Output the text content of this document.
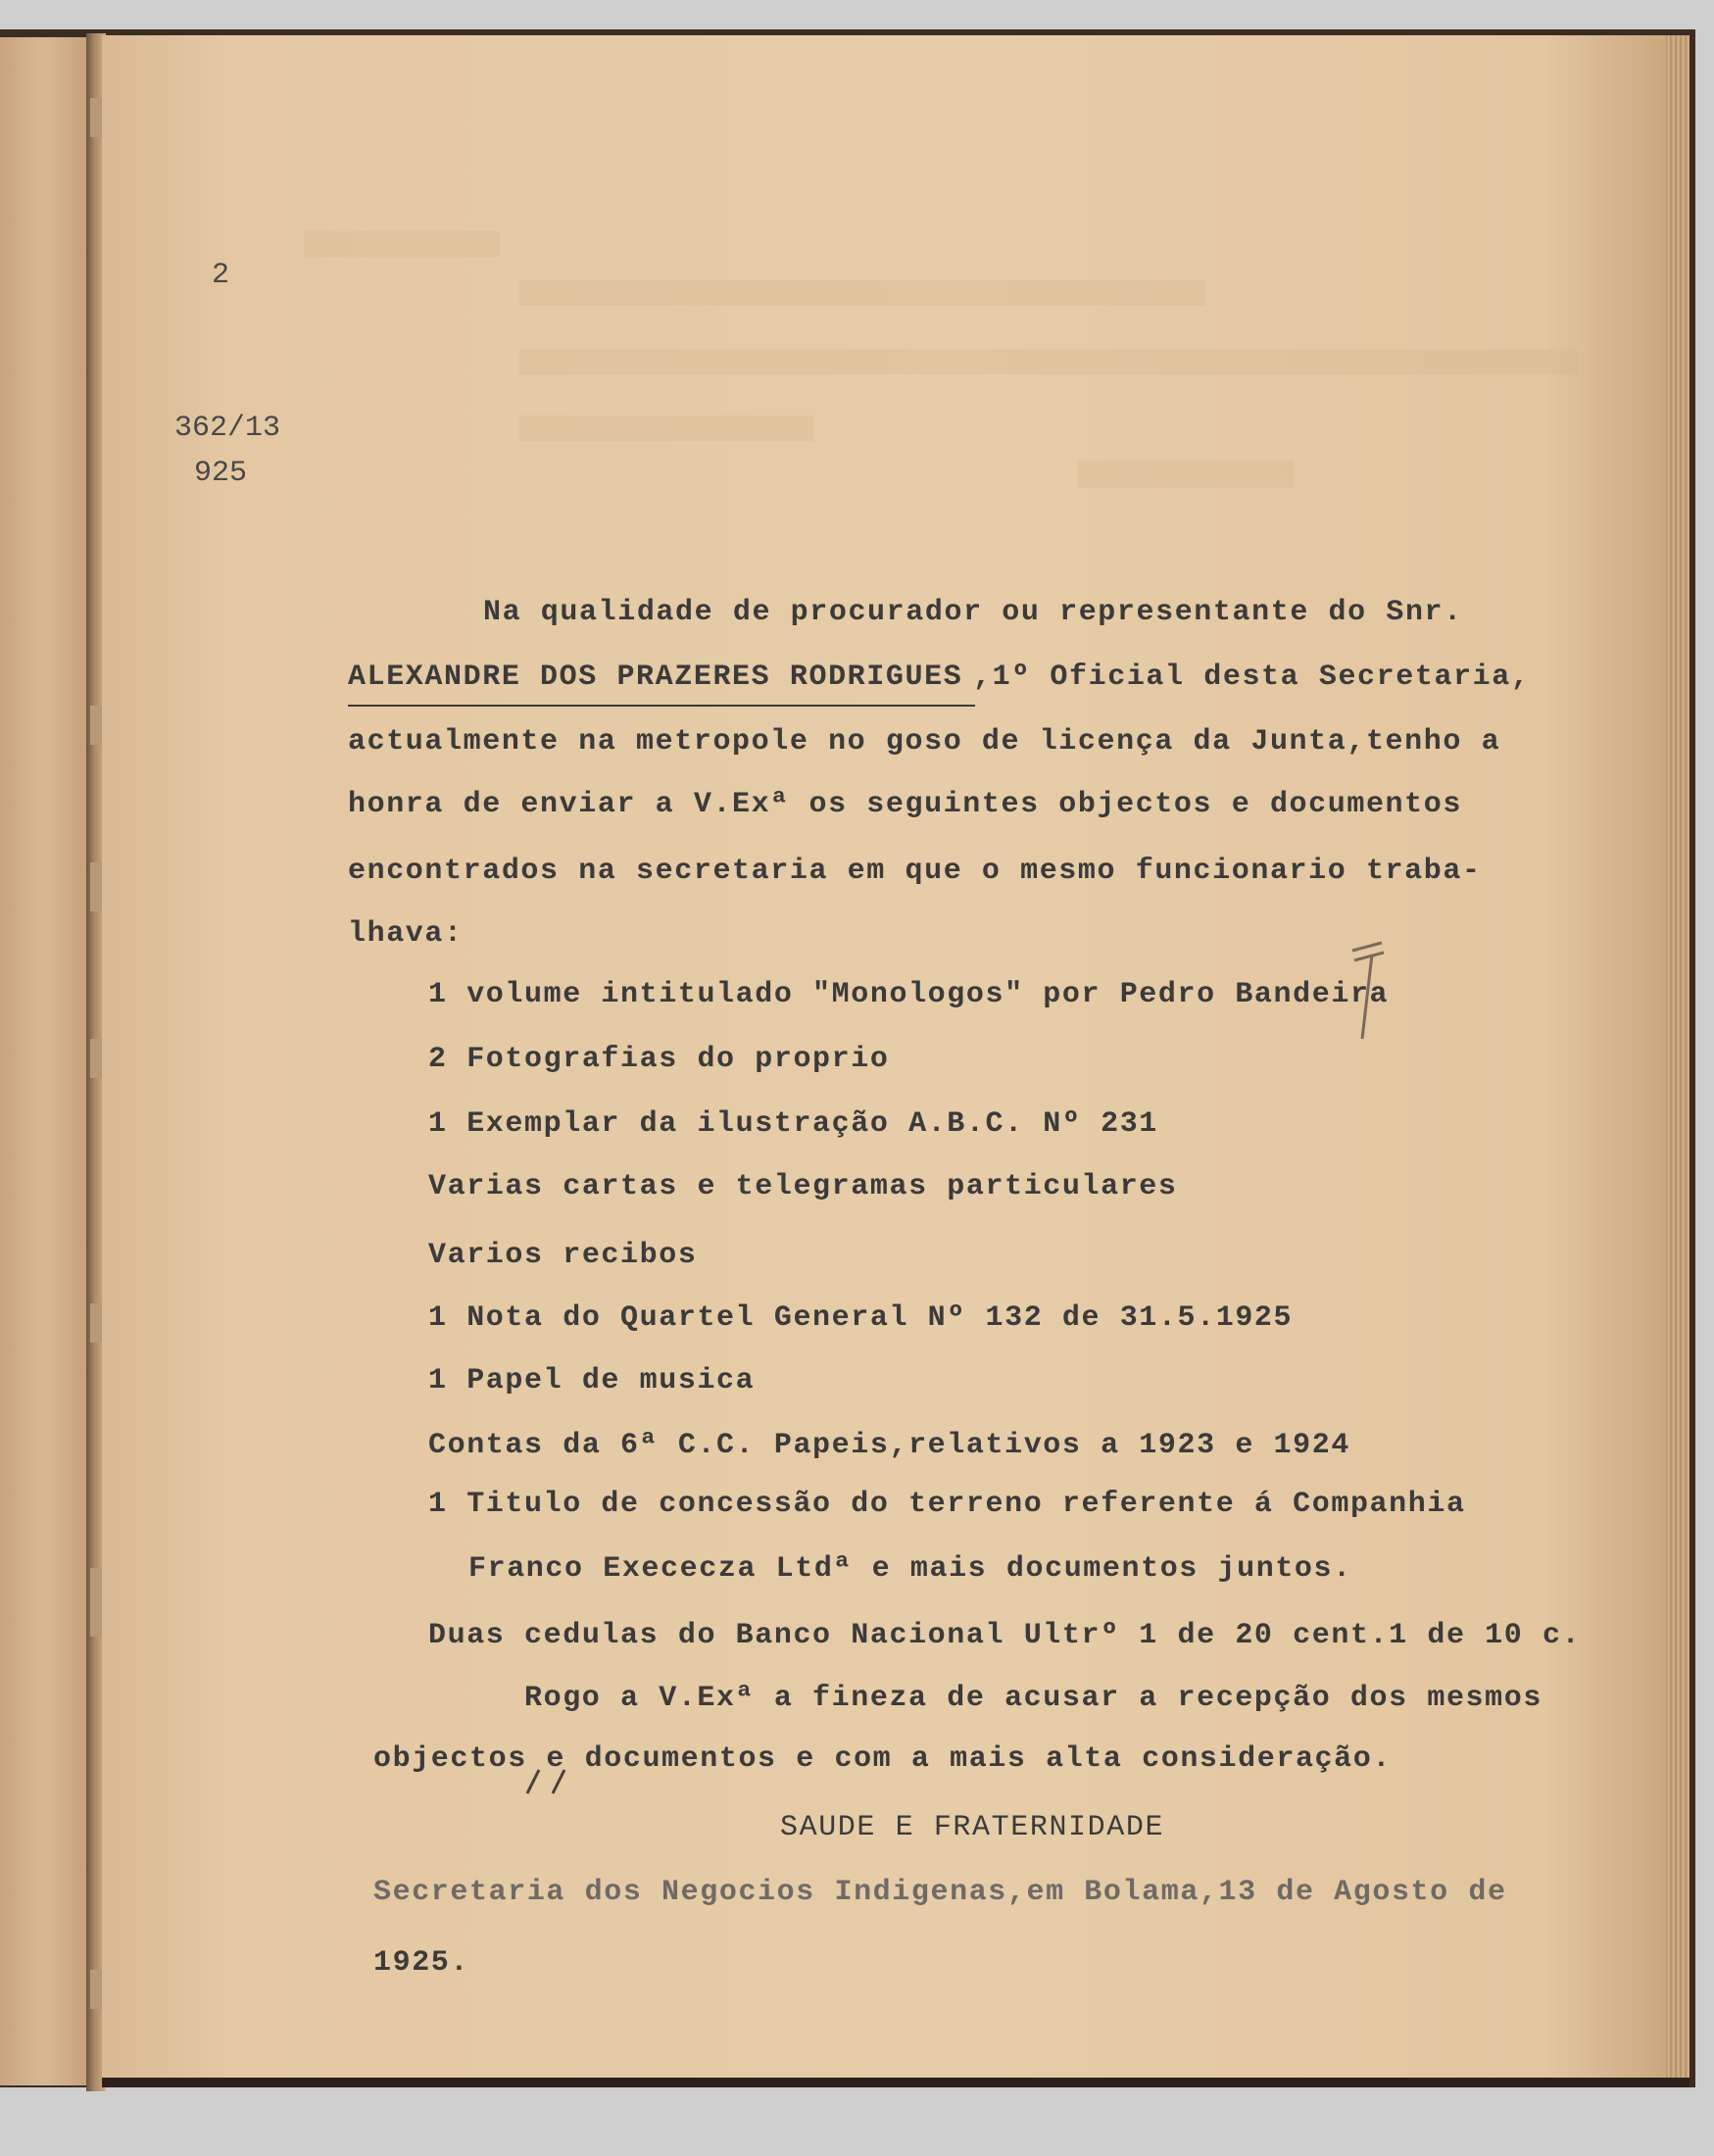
2
362/13
925
Na qualidade de procurador ou representante do Snr.
ALEXANDRE DOS PRAZERES RODRIGUES ,1º Oficial desta Secretaria,
actualmente na metropole no goso de licença da Junta,tenho a
honra de enviar a V.Exª os seguintes objectos e documentos
encontrados na secretaria em que o mesmo funcionario traba-
lhava:
1 volume intitulado "Monologos" por Pedro Bandeira
2 Fotografias do proprio
1 Exemplar da ilustração A.B.C. Nº 231
Varias cartas e telegramas particulares
Varios recibos
1 Nota do Quartel General Nº 132 de 31.5.1925
1 Papel de musica
Contas da 6ª C.C. Papeis,relativos a 1923 e 1924
1 Titulo de concessão do terreno referente á Companhia
Franco Exececza Ltdª e mais documentos juntos.
Duas cedulas do Banco Nacional Ultrº 1 de 20 cent.1 de 10 c.
Rogo a V.Exª a fineza de acusar a recepção dos mesmos
objectos e documentos e com a mais alta consideração.
SAUDE E FRATERNIDADE
Secretaria dos Negocios Indigenas,em Bolama,13 de Agosto de
1925.
